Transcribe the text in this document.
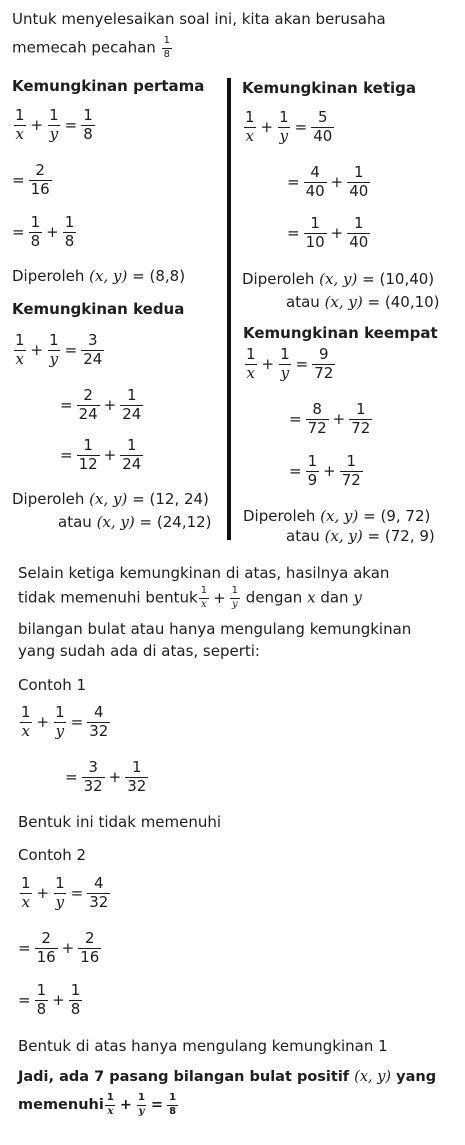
Untuk menyelesaikan soal ini, kita akan berusaha
memecah pecahan $\frac{1}{8}$
Kemungkinan pertama
$\frac{1}{x} + \frac{1}{y} = \frac{1}{8}$
= $\frac{2}{16}$
= $\frac{1}{8} + \frac{1}{8}$
Diperoleh (x, y) = (8,8)
Kemungkinan kedua
$\frac{1}{x} + \frac{1}{y} = \frac{3}{24}$
= $\frac{2}{24} + \frac{1}{24}$
= $\frac{1}{12} + \frac{1}{24}$
Diperoleh (x, y) = (12, 24)
atau (x, y) = (24,12)
Kemungkinan ketiga
$\frac{1}{x} + \frac{1}{y} = \frac{5}{40}$
= $\frac{4}{40} + \frac{1}{40}$
= $\frac{1}{10} + \frac{1}{40}$
Diperoleh (x, y) = (10,40)
atau (x, y) = (40,10)
Kemungkinan keempat
$\frac{1}{x} + \frac{1}{y} = \frac{9}{72}$
= $\frac{8}{72} + \frac{1}{72}$
= $\frac{1}{9} + \frac{1}{72}$
Diperoleh (x, y) = (9, 72)
atau (x, y) = (72, 9)
Selain ketiga kemungkinan di atas, hasilnya akan
tidak memenuhi bentuk $\frac{1}{x} + \frac{1}{y}$ dengan x dan y
bilangan bulat atau hanya mengulang kemungkinan
yang sudah ada di atas, seperti:
Contoh 1
$\frac{1}{x} + \frac{1}{y} = \frac{4}{32}$
= $\frac{3}{32} + \frac{1}{32}$
Bentuk ini tidak memenuhi
Contoh 2
$\frac{1}{x} + \frac{1}{y} = \frac{4}{32}$
= $\frac{2}{16} + \frac{2}{16}$
= $\frac{1}{8} + \frac{1}{8}$
Bentuk di atas hanya mengulang kemungkinan 1
Jadi, ada 7 pasang bilangan bulat positif (x, y) yang
memenuhi $\frac{1}{x} + \frac{1}{y} = \frac{1}{8}$
